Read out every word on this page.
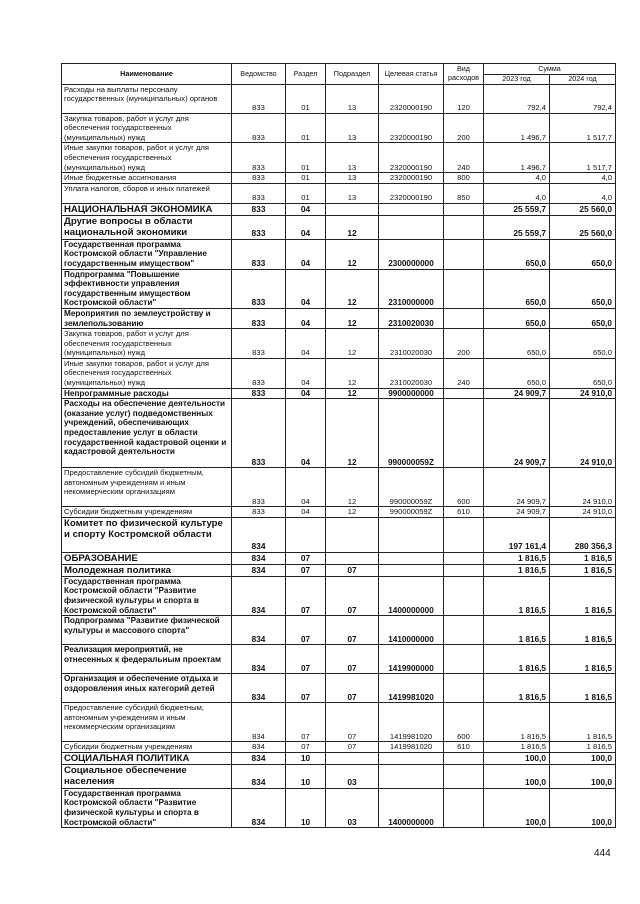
Наименование	Ведомство	Раздел	Подраздел	Целевая статья	Вид расходов	Сумма	
						2023 год	2024 год
Расходы на выплаты персоналу государственных (муниципальных) органов	833	01	13	2320000190	120	792,4	792,4
Закупка товаров, работ и услуг для обеспечения государственных (муниципальных) нужд	833	01	13	2320000190	200	1 496,7	1 517,7
Иные закупки товаров, работ и услуг для обеспечения государственных (муниципальных) нужд	833	01	13	2320000190	240	1 496,7	1 517,7
Иные бюджетные ассигнования	833	01	13	2320000190	800	4,0	4,0
Уплата налогов, сборов и иных платежей	833	01	13	2320000190	850	4,0	4,0
НАЦИОНАЛЬНАЯ ЭКОНОМИКА	833	04				25 559,7	25 560,0
Другие вопросы в области национальной экономики	833	04	12			25 559,7	25 560,0
Государственная программа Костромской области "Управление государственным имуществом"	833	04	12	2300000000		650,0	650,0
Подпрограмма "Повышение эффективности управления государственным имуществом Костромской области"	833	04	12	2310000000		650,0	650,0
Мероприятия по землеустройству и землепользованию	833	04	12	2310020030		650,0	650,0
Закупка товаров, работ и услуг для обеспечения государственных (муниципальных) нужд	833	04	12	2310020030	200	650,0	650,0
Иные закупки товаров, работ и услуг для обеспечения государственных (муниципальных) нужд	833	04	12	2310020030	240	650,0	650,0
Непрограммные расходы	833	04	12	9900000000		24 909,7	24 910,0
Расходы на обеспечение деятельности (оказание услуг) подведомственных учреждений, обеспечивающих предоставление услуг в области государственной кадастровой оценки и кадастровой деятельности	833	04	12	990000059Z		24 909,7	24 910,0
Предоставление субсидий бюджетным, автономным учреждениям и иным некоммерческим организациям	833	04	12	990000059Z	600	24 909,7	24 910,0
Субсидии бюджетным учреждениям	833	04	12	990000059Z	610	24 909,7	24 910,0
Комитет по физической культуре и спорту Костромской области	834					197 161,4	280 356,3
ОБРАЗОВАНИЕ	834	07				1 816,5	1 816,5
Молодежная политика	834	07	07			1 816,5	1 816,5
Государственная программа Костромской области "Развитие физической культуры и спорта в Костромской области"	834	07	07	1400000000		1 816,5	1 816,5
Подпрограмма "Развитие физической культуры и массового спорта"	834	07	07	1410000000		1 816,5	1 816,5
Реализация мероприятий, не отнесенных к федеральным проектам	834	07	07	1419900000		1 816,5	1 816,5
Организация и обеспечение отдыха и оздоровления иных категорий детей	834	07	07	1419981020		1 816,5	1 816,5
Предоставление субсидий бюджетным, автономным учреждениям и иным некоммерческим организациям	834	07	07	1419981020	600	1 816,5	1 816,5
Субсидии бюджетным учреждениям	834	07	07	1419981020	610	1 816,5	1 816,5
СОЦИАЛЬНАЯ ПОЛИТИКА	834	10				100,0	100,0
Социальное обеспечение населения	834	10	03			100,0	100,0
Государственная программа Костромской области "Развитие физической культуры и спорта в Костромской области"	834	10	03	1400000000		100,0	100,0
444
